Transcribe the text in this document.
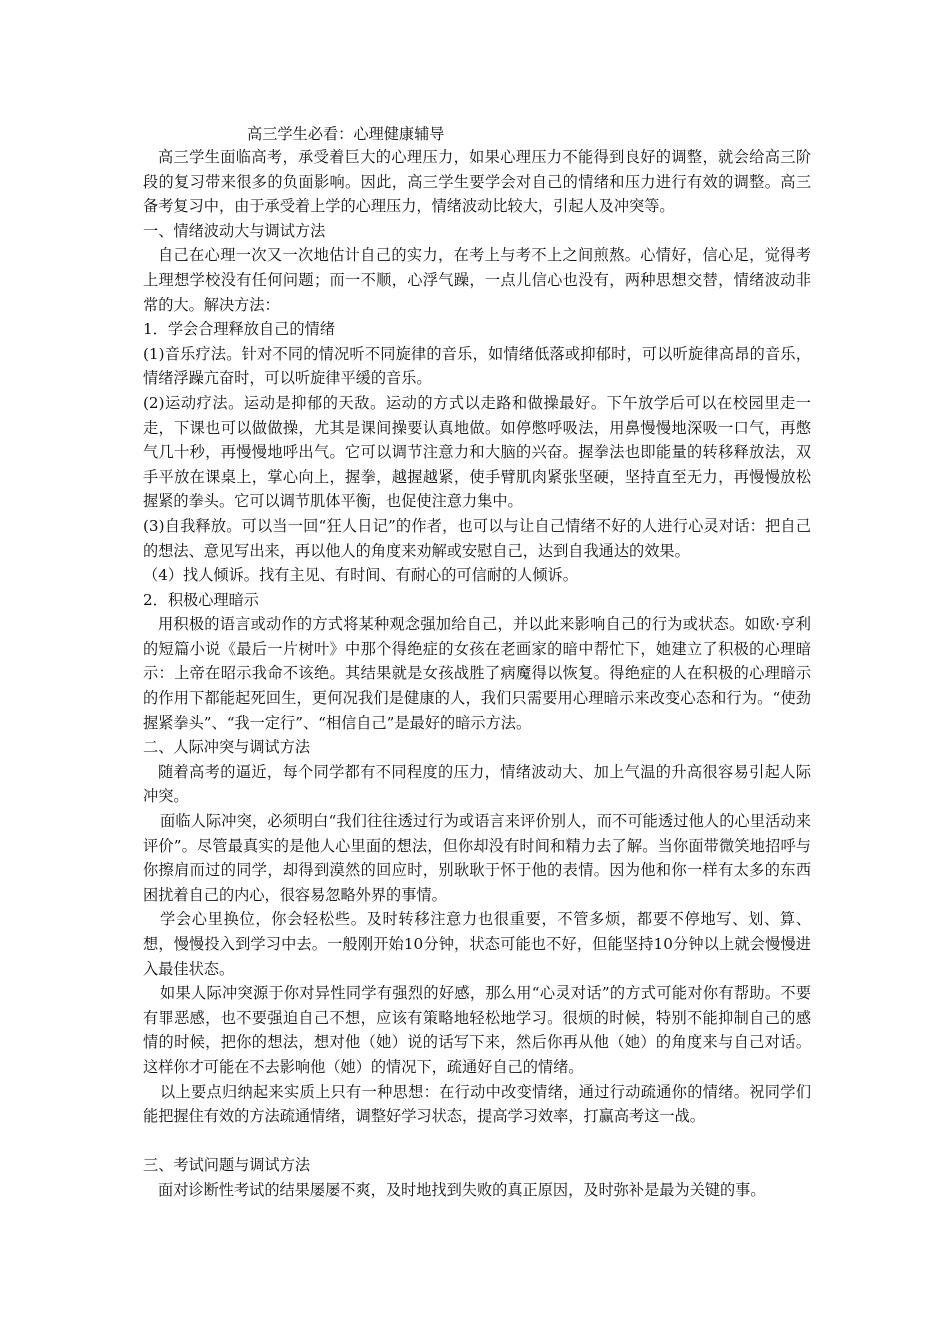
高三学生必看：心理健康辅导

高三学生面临高考，承受着巨大的心理压力，如果心理压力不能得到良好的调整，就会给高三阶段的复习带来很多的负面影响。因此，高三学生要学会对自己的情绪和压力进行有效的调整。高三备考复习中，由于承受着上学的心理压力，情绪波动比较大，引起人及冲突等。

一、情绪波动大与调试方法

自己在心理一次又一次地估计自己的实力，在考上与考不上之间煎熬。心情好，信心足，觉得考上理想学校没有任何问题；而一不顺，心浮气躁，一点儿信心也没有，两种思想交替，情绪波动非常的大。解决方法：

1．学会合理释放自己的情绪

(1)音乐疗法。针对不同的情况听不同旋律的音乐，如情绪低落或抑郁时，可以听旋律高昂的音乐，情绪浮躁亢奋时，可以听旋律平缓的音乐。

(2)运动疗法。运动是抑郁的天敌。运动的方式以走路和做操最好。下午放学后可以在校园里走一走，下课也可以做做操，尤其是课间操要认真地做。如停憋呼吸法，用鼻慢慢地深吸一口气，再憋气几十秒，再慢慢地呼出气。它可以调节注意力和大脑的兴奋。握拳法也即能量的转移释放法，双手平放在课桌上，掌心向上，握拳，越握越紧，使手臂肌肉紧张坚硬，坚持直至无力，再慢慢放松握紧的拳头。它可以调节肌体平衡，也促使注意力集中。

(3)自我释放。可以当一回“狂人日记”的作者，也可以与让自己情绪不好的人进行心灵对话：把自己的想法、意见写出来，再以他人的角度来劝解或安慰自己，达到自我通达的效果。

（4）找人倾诉。找有主见、有时间、有耐心的可信耐的人倾诉。

2．积极心理暗示

用积极的语言或动作的方式将某种观念强加给自己，并以此来影响自己的行为或状态。如欧·亨利的短篇小说《最后一片树叶》中那个得绝症的女孩在老画家的暗中帮忙下，她建立了积极的心理暗示：上帝在昭示我命不该绝。其结果就是女孩战胜了病魔得以恢复。得绝症的人在积极的心理暗示的作用下都能起死回生，更何况我们是健康的人，我们只需要用心理暗示来改变心态和行为。“使劲握紧拳头”、“我一定行”、“相信自己”是最好的暗示方法。

二、人际冲突与调试方法

随着高考的逼近，每个同学都有不同程度的压力，情绪波动大、加上气温的升高很容易引起人际冲突。

面临人际冲突，必须明白“我们往往透过行为或语言来评价别人，而不可能透过他人的心里活动来评价”。尽管最真实的是他人心里面的想法，但你却没有时间和精力去了解。当你面带微笑地招呼与你擦肩而过的同学，却得到漠然的回应时，别耿耿于怀于他的表情。因为他和你一样有太多的东西困扰着自己的内心，很容易忽略外界的事情。

学会心里换位，你会轻松些。及时转移注意力也很重要，不管多烦，都要不停地写、划、算、想，慢慢投入到学习中去。一般刚开始10分钟，状态可能也不好，但能坚持10分钟以上就会慢慢进入最佳状态。

如果人际冲突源于你对异性同学有强烈的好感，那么用“心灵对话”的方式可能对你有帮助。不要有罪恶感，也不要强迫自己不想，应该有策略地轻松地学习。很烦的时候，特别不能抑制自己的感情的时候，把你的想法，想对他（她）说的话写下来，然后你再从他（她）的角度来与自己对话。这样你才可能在不去影响他（她）的情况下，疏通好自己的情绪。

以上要点归纳起来实质上只有一种思想：在行动中改变情绪，通过行动疏通你的情绪。祝同学们能把握住有效的方法疏通情绪，调整好学习状态，提高学习效率，打赢高考这一战。

三、考试问题与调试方法

面对诊断性考试的结果屡屡不爽，及时地找到失败的真正原因，及时弥补是最为关键的事。
